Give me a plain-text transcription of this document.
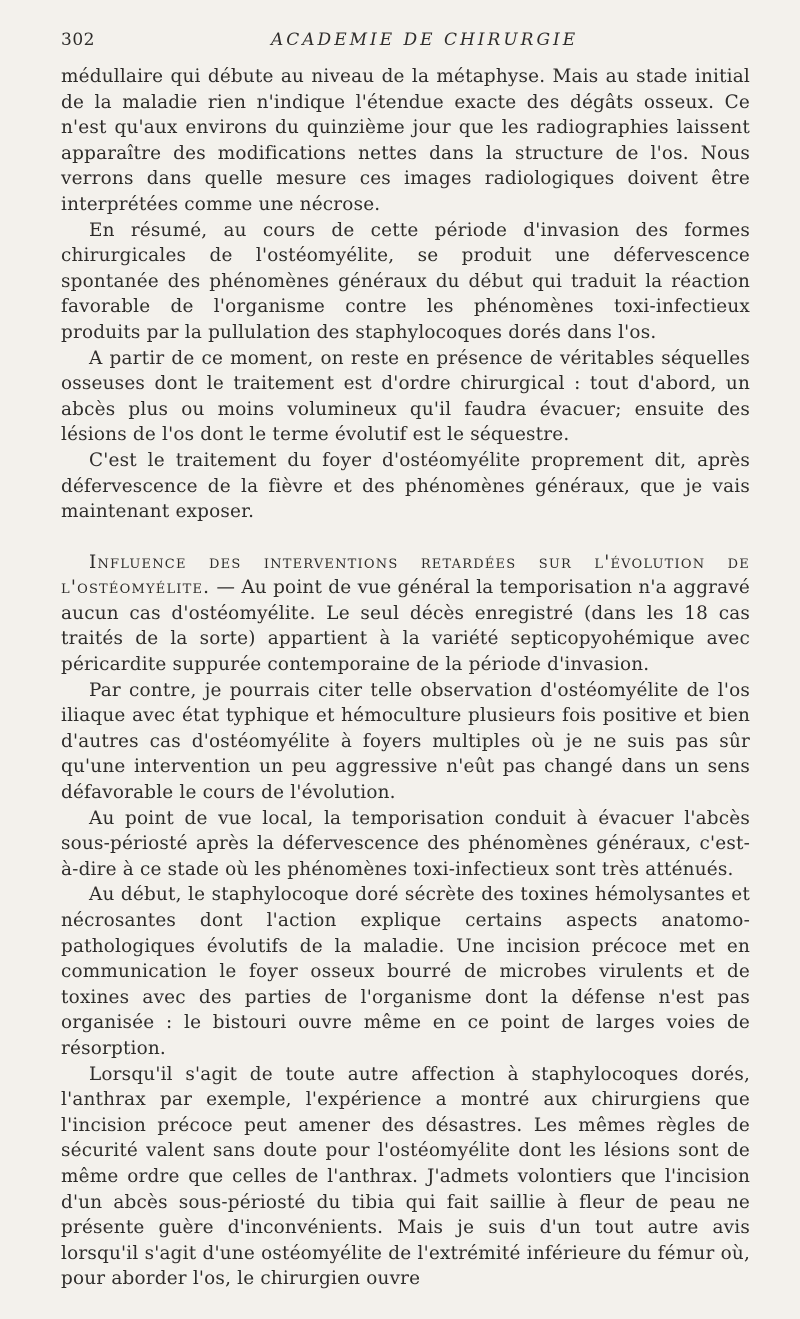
302	ACADEMIE DE CHIRURGIE

médullaire qui débute au niveau de la métaphyse. Mais au stade initial de la maladie rien n'indique l'étendue exacte des dégâts osseux. Ce n'est qu'aux environs du quinzième jour que les radiographies laissent apparaître des modifications nettes dans la structure de l'os. Nous verrons dans quelle mesure ces images radiologiques doivent être interprétées comme une nécrose.

En résumé, au cours de cette période d'invasion des formes chirurgicales de l'ostéomyélite, se produit une défervescence spontanée des phénomènes généraux du début qui traduit la réaction favorable de l'organisme contre les phénomènes toxi-infectieux produits par la pullulation des staphylocoques dorés dans l'os.

A partir de ce moment, on reste en présence de véritables séquelles osseuses dont le traitement est d'ordre chirurgical : tout d'abord, un abcès plus ou moins volumineux qu'il faudra évacuer; ensuite des lésions de l'os dont le terme évolutif est le séquestre.

C'est le traitement du foyer d'ostéomyélite proprement dit, après défervescence de la fièvre et des phénomènes généraux, que je vais maintenant exposer.

Influence des interventions retardées sur l'évolution de l'ostéomyélite. — Au point de vue général la temporisation n'a aggravé aucun cas d'ostéomyélite. Le seul décès enregistré (dans les 18 cas traités de la sorte) appartient à la variété septicopyohémique avec péricardite suppurée contemporaine de la période d'invasion.

Par contre, je pourrais citer telle observation d'ostéomyélite de l'os iliaque avec état typhique et hémoculture plusieurs fois positive et bien d'autres cas d'ostéomyélite à foyers multiples où je ne suis pas sûr qu'une intervention un peu aggressive n'eût pas changé dans un sens défavorable le cours de l'évolution.

Au point de vue local, la temporisation conduit à évacuer l'abcès sous-périosté après la défervescence des phénomènes généraux, c'est-à-dire à ce stade où les phénomènes toxi-infectieux sont très atténués.

Au début, le staphylocoque doré sécrète des toxines hémolysantes et nécrosantes dont l'action explique certains aspects anatomo-pathologiques évolutifs de la maladie. Une incision précoce met en communication le foyer osseux bourré de microbes virulents et de toxines avec des parties de l'organisme dont la défense n'est pas organisée : le bistouri ouvre même en ce point de larges voies de résorption.

Lorsqu'il s'agit de toute autre affection à staphylocoques dorés, l'anthrax par exemple, l'expérience a montré aux chirurgiens que l'incision précoce peut amener des désastres. Les mêmes règles de sécurité valent sans doute pour l'ostéomyélite dont les lésions sont de même ordre que celles de l'anthrax. J'admets volontiers que l'incision d'un abcès sous-périosté du tibia qui fait saillie à fleur de peau ne présente guère d'inconvénients. Mais je suis d'un tout autre avis lorsqu'il s'agit d'une ostéomyélite de l'extrémité inférieure du fémur où, pour aborder l'os, le chirurgien ouvre
